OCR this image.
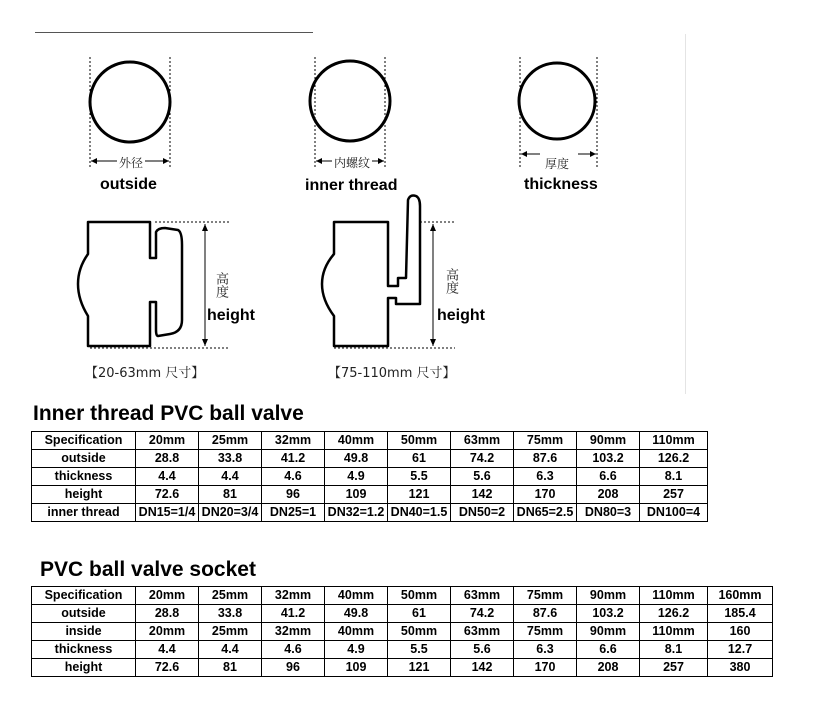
外径
outside
内螺纹
inner thread
厚度
thickness
高度
height
【20-63mm 尺寸】
高度
height
【75-110mm 尺寸】
Inner thread PVC ball valve
Specification	20mm	25mm	32mm	40mm	50mm	63mm	75mm	90mm	110mm
outside	28.8	33.8	41.2	49.8	61	74.2	87.6	103.2	126.2
thickness	4.4	4.4	4.6	4.9	5.5	5.6	6.3	6.6	8.1
height	72.6	81	96	109	121	142	170	208	257
inner thread	DN15=1/4	DN20=3/4	DN25=1	DN32=1.2	DN40=1.5	DN50=2	DN65=2.5	DN80=3	DN100=4
PVC ball valve socket
Specification	20mm	25mm	32mm	40mm	50mm	63mm	75mm	90mm	110mm	160mm
outside	28.8	33.8	41.2	49.8	61	74.2	87.6	103.2	126.2	185.4
inside	20mm	25mm	32mm	40mm	50mm	63mm	75mm	90mm	110mm	160
thickness	4.4	4.4	4.6	4.9	5.5	5.6	6.3	6.6	8.1	12.7
height	72.6	81	96	109	121	142	170	208	257	380
